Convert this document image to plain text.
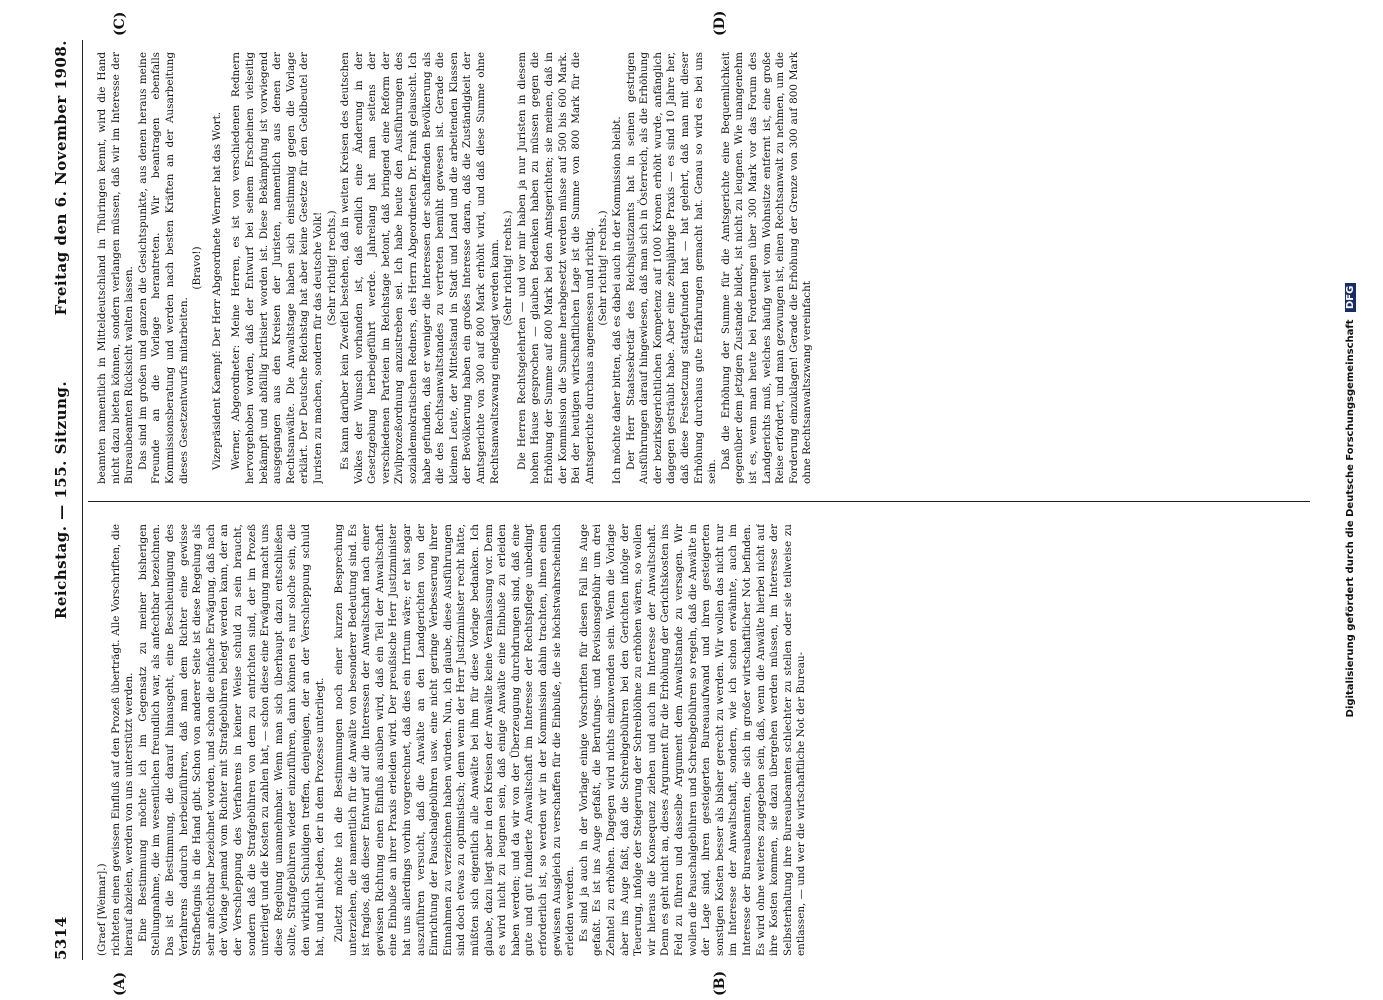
5314
Reichstag. — 155. Sitzung.
Freitag den 6. November 1908.
(A)	(B)
(C)	(D)

(Graef [Weimar].) richteten einen gewissen Einfluß auf den Prozeß überträgt. Alle Vorschriften, die hierauf abzielen, werden von uns unterstützt werden. Eine Bestimmung möchte ich im Gegensatz zu meiner bisherigen Stellungnahme, die im wesentlichen freundlich war, als anfechtbar bezeichnen. Das ist die Bestimmung, die darauf hinausgeht, eine Beschleunigung des Verfahrens dadurch herbeizuführen, daß man dem Richter eine gewisse Strafbefugnis in die Hand gibt. Schon von anderer Seite ist diese Regelung als sehr anfechtbar bezeichnet worden, und schon die einfache Erwägung, daß nach der Vorlage jemand vom Richter mit Strafgebühren belegt werden kann, der an der Verschleppung des Verfahrens in keiner Weise schuld zu sein braucht, sondern daß die Strafgebühren von dem zu entrichten sind, der im Prozeß unterliegt und die Kosten zu zahlen hat, — schon diese eine Erwägung macht uns diese Regelung unannehmbar. Wenn man sich überhaupt dazu entschließen sollte, Strafgebühren wieder einzuführen, dann können es nur solche sein, die den wirklich Schuldigen treffen, denjenigen, der an der Verschleppung schuld hat, und nicht jeden, der in dem Prozesse unterliegt. Zuletzt möchte ich die Bestimmungen noch einer kurzen Besprechung unterziehen, die namentlich für die Anwälte von besonderer Bedeutung sind. Es ist fraglos, daß dieser Entwurf auf die Interessen der Anwaltschaft nach einer gewissen Richtung einen Einfluß ausüben wird, daß ein Teil der Anwaltschaft eine Einbuße an ihrer Praxis erleiden wird. Der preußische Herr Justizminister hat uns allerdings vorhin vorgerechnet, daß dies ein Irrtum wäre; er hat sogar auszuführen versucht, daß die Anwälte an den Landgerichten von der Einrichtung der Pauschalgebühren usw. eine nicht geringe Verbesserung ihrer Einnahmen zu verzeichnen haben würden. Nun, ich glaube, diese Ausführungen sind doch etwas zu optimistisch; denn wenn der Herr Justizminister recht hätte, müßten sich eigentlich alle Anwälte bei ihm für diese Vorlage bedanken. Ich glaube, dazu liegt aber in den Kreisen der Anwälte keine Veranlassung vor. Denn es wird nicht zu leugnen sein, daß einige Anwälte eine Einbuße zu erleiden haben werden; und da wir von der Überzeugung durchdrungen sind, daß eine gute und gut fundierte Anwaltschaft im Interesse der Rechtspflege unbedingt erforderlich ist, so werden wir in der Kommission dahin trachten, ihnen einen gewissen Ausgleich zu verschaffen für die Einbuße, die sie höchstwahrscheinlich erleiden werden. Es sind ja auch in der Vorlage einige Vorschriften für diesen Fall ins Auge gefaßt. Es ist ins Auge gefaßt, die Berufungs- und Revisionsgebühr um drei Zehntel zu erhöhen. Dagegen wird nichts einzuwenden sein. Wenn die Vorlage aber ins Auge faßt, daß die Schreibgebühren bei den Gerichten infolge der Teuerung, infolge der Steigerung der Schreiblöhne zu erhöhen wären, so wollen wir hieraus die Konsequenz ziehen und auch im Interesse der Anwaltschaft. Denn es geht nicht an, dieses Argument für die Erhöhung der Gerichtskosten ins Feld zu führen und dasselbe Argument dem Anwaltstande zu versagen. Wir wollen die Pauschalgebühren und Schreibgebühren so regeln, daß die Anwälte in der Lage sind, ihren gesteigerten Bureauaufwand und ihren gesteigerten sonstigen Kosten besser als bisher gerecht zu werden. Wir wollen das nicht nur im Interesse der Anwaltschaft, sondern, wie ich schon erwähnte, auch im Interesse der Bureaubeamten, die sich in großer wirtschaftlicher Not befinden. Es wird ohne weiteres zugegeben sein, daß, wenn die Anwälte hierbei nicht auf ihre Kosten kommen, sie dazu übergehen werden müssen, im Interesse der Selbsterhaltung ihre Bureaubeamten schlechter zu stellen oder sie teilweise zu entlassen, — und wer die wirtschaftliche Not der Bureau-

beamten namentlich in Mitteldeutschland in Thüringen kennt, wird die Hand nicht dazu bieten können, sondern verlangen müssen, daß wir im Interesse der Bureaubeamten Rücksicht walten lassen. Das sind im großen und ganzen die Gesichtspunkte, aus denen heraus meine Freunde an die Vorlage herantreten. Wir beantragen ebenfalls Kommissionsberatung und werden nach besten Kräften an der Ausarbeitung dieses Gesetzentwurfs mitarbeiten.

(Bravo!) Vizepräsident Kaempf: Der Herr Abgeordnete Werner hat das Wort. Werner, Abgeordneter: Meine Herren, es ist von verschiedenen Rednern hervorgehoben worden, daß der Entwurf bei seinem Erscheinen vielseitig bekämpft und abfällig kritisiert worden ist. Diese Bekämpfung ist vorwiegend ausgegangen aus den Kreisen der Juristen, namentlich aus denen der Rechtsanwälte. Die Anwaltstage haben sich einstimmig gegen die Vorlage erklärt. Der Deutsche Reichstag hat aber keine Gesetze für den Geldbeutel der Juristen zu machen, sondern für das deutsche Volk! (Sehr richtig! rechts.) Es kann darüber kein Zweifel bestehen, daß in weiten Kreisen des deutschen Volkes der Wunsch vorhanden ist, daß endlich eine Änderung in der Gesetzgebung herbeigeführt werde. Jahrelang hat man seitens der verschiedenen Parteien im Reichstage betont, daß bringend eine Reform der Zivilprozeßordnung anzustreben sei. Ich habe heute den Ausführungen des sozialdemokratischen Redners, des Herrn Abgeordneten Dr. Frank gelauscht. Ich habe gefunden, daß er weniger die Interessen der schaffenden Bevölkerung als die des Rechtsanwaltstandes zu vertreten bemüht gewesen ist. Gerade die kleinen Leute, der Mittelstand in Stadt und Land und die arbeitenden Klassen der Bevölkerung haben ein großes Interesse daran, daß die Zuständigkeit der Amtsgerichte von 300 auf 800 Mark erhöht wird, und daß diese Summe ohne Rechtsanwaltszwang eingeklagt werden kann. (Sehr richtig! rechts.) Die Herren Rechtsgelehrten — und vor mir haben ja nur Juristen in diesem hohen Hause gesprochen — glauben Bedenken haben zu müssen gegen die Erhöhung der Summe auf 800 Mark bei den Amtsgerichten; sie meinen, daß in der Kommission die Summe herabgesetzt werden müsse auf 500 bis 600 Mark. Bei der heutigen wirtschaftlichen Lage ist die Summe von 800 Mark für die Amtsgerichte durchaus angemessen und richtig. (Sehr richtig! rechts.) Ich möchte daher bitten, daß es dabei auch in der Kommission bleibt. Der Herr Staatssekretär des Reichsjustizamts hat in seinen gestrigen Ausführungen darauf hingewiesen, daß man sich in Österreich, als die Erhöhung der bezirksgerichtlichen Kompetenz auf 1000 Kronen erhöht wurde, anfänglich dagegen gesträubt habe. Aber eine zehnjährige Praxis — es sind 10 Jahre her, daß diese Festsetzung stattgefunden hat — hat gelehrt, daß man mit dieser Erhöhung durchaus gute Erfahrungen gemacht hat. Genau so wird es bei uns sein.

Daß die Erhöhung der Summe für die Amtsgerichte eine Bequemlichkeit gegenüber dem jetzigen Zustande bildet, ist nicht zu leugnen. Wie unangenehm ist es, wenn man heute bei Forderungen über 300 Mark vor das Forum des Landgerichts muß, welches häufig weit vom Wohnsitze entfernt ist, eine große Reise erfordert, und man gezwungen ist, einen Rechtsanwalt zu nehmen, um die Forderung einzuklagen! Gerade die Erhöhung der Grenze von 300 auf 800 Mark ohne Rechtsanwaltszwang vereinfacht	Digitalisierung gefördert durch die Deutsche Forschungsgemeinschaft DFG
